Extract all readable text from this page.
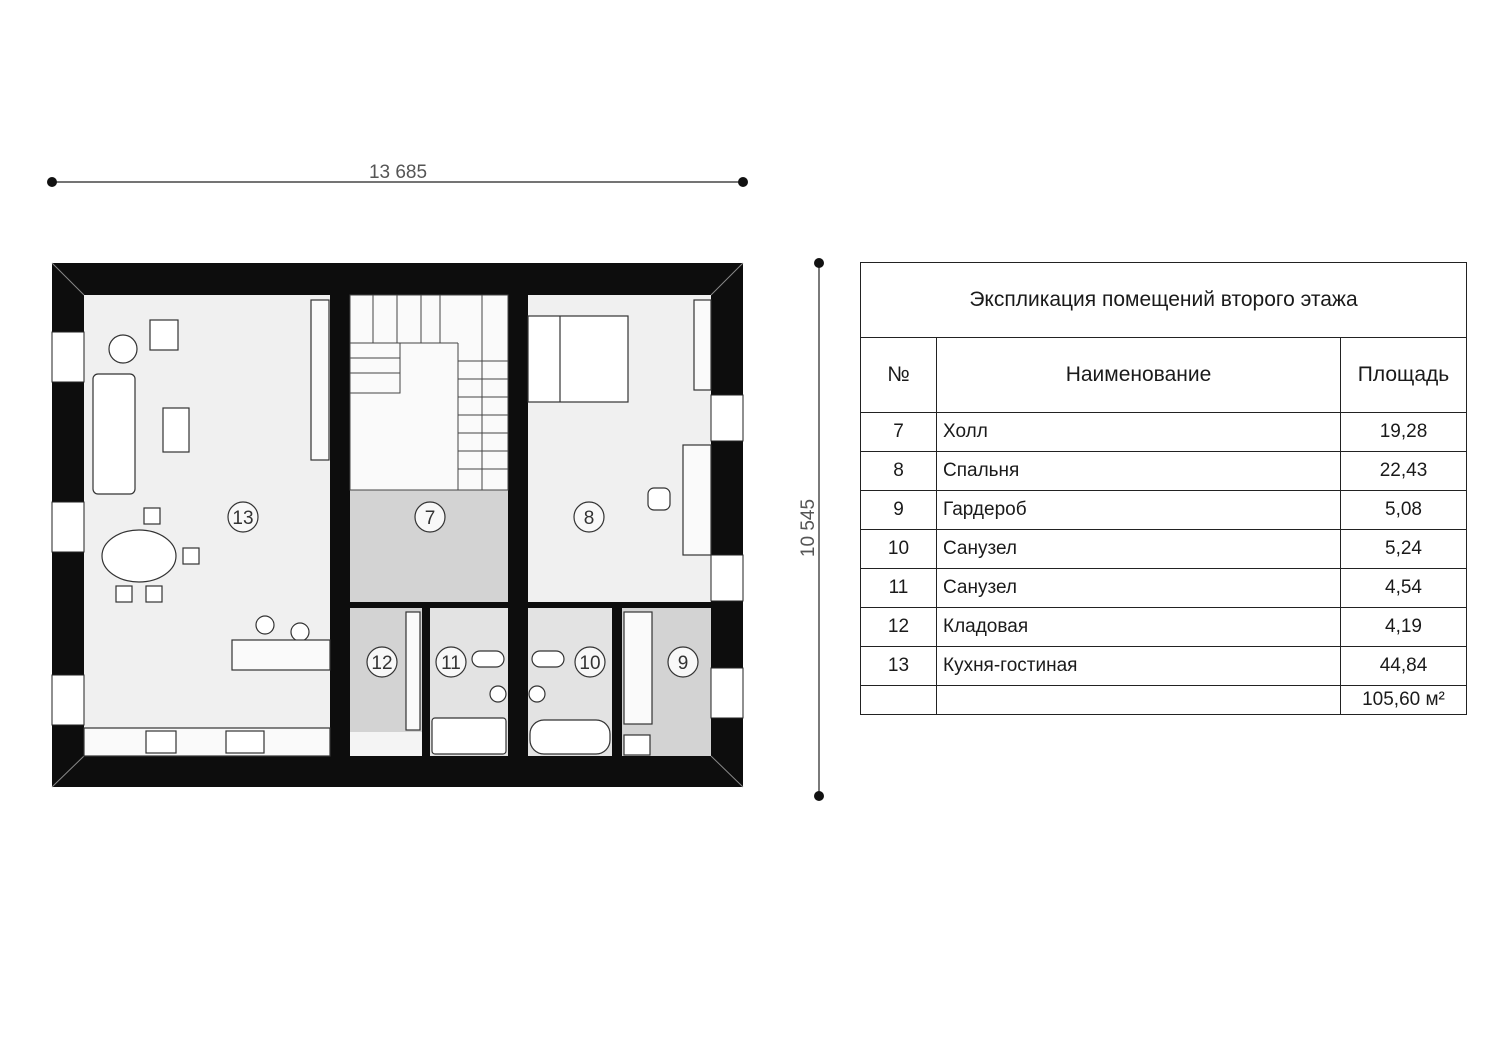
13 685
10 545
13	7	8
9
10
11
12
Экспликация помещений второго этажа		
№	Наименование	Площадь
7	Холл	19,28
8	Спальня	22,43
9	Гардероб	5,08
10	Санузел	5,24
11	Санузел	4,54
12	Кладовая	4,19
13	Кухня-гостиная	44,84
		105,60 м²
